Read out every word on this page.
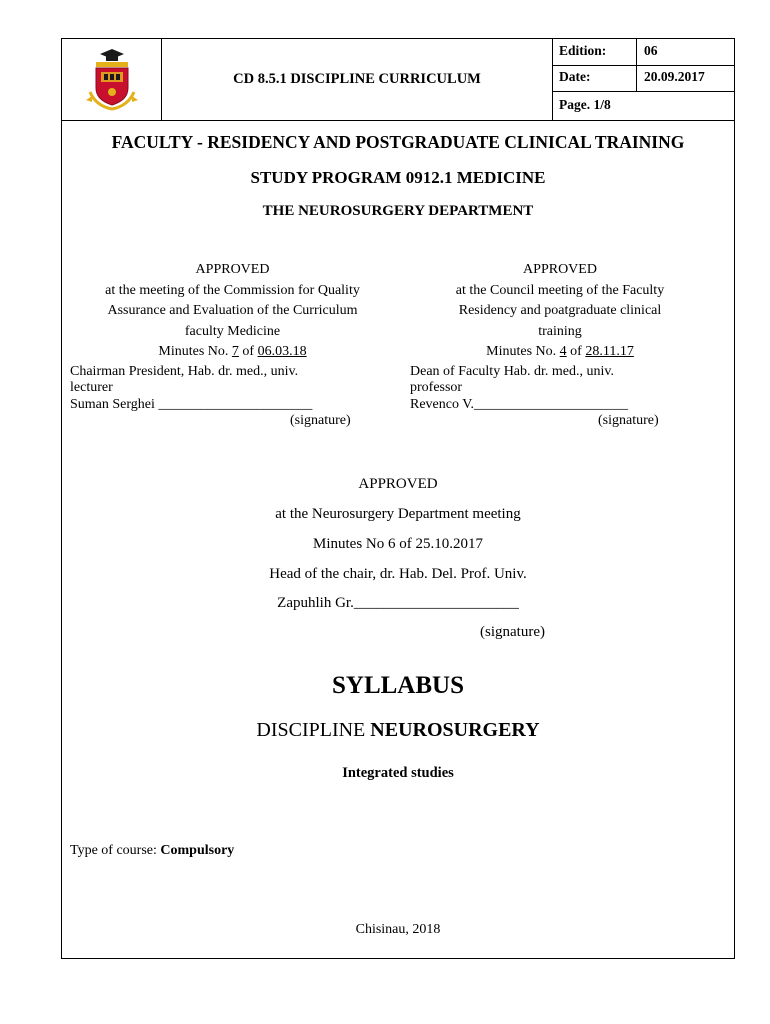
CD 8.5.1 DISCIPLINE CURRICULUM
Edition:	06
Date:	20.09.2017
Page. 1/8
FACULTY - RESIDENCY AND POSTGRADUATE CLINICAL TRAINING
STUDY PROGRAM 0912.1 MEDICINE
THE NEUROSURGERY DEPARTMENT
APPROVED
at the meeting of the Commission for Quality
Assurance and Evaluation of the Curriculum
faculty Medicine
Minutes No. 7 of 06.03.18
Chairman President, Hab. dr. med., univ.
lecturer
Suman Serghei ______________________
(signature)
APPROVED
at the Council meeting of the Faculty
Residency and poatgraduate clinical
training
Minutes No. 4 of 28.11.17
Dean of Faculty Hab. dr. med., univ.
professor
Revenco V.______________________
(signature)
APPROVED
at the Neurosurgery Department meeting
Minutes No 6 of 25.10.2017
Head of the chair, dr. Hab. Del. Prof. Univ.
Zapuhlih Gr.______________________
(signature)
SYLLABUS
DISCIPLINE NEUROSURGERY
Integrated studies
Type of course: Compulsory
Chisinau, 2018
